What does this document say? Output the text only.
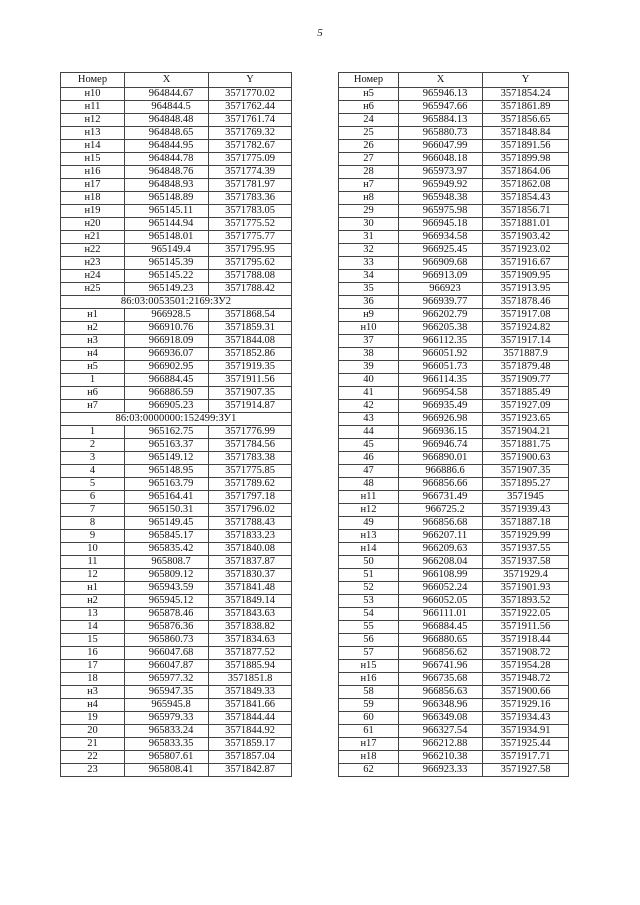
5
Номер	X	Y
н10	964844.67	3571770.02
н11	964844.5	3571762.44
н12	964848.48	3571761.74
н13	964848.65	3571769.32
н14	964844.95	3571782.67
н15	964844.78	3571775.09
н16	964848.76	3571774.39
н17	964848.93	3571781.97
н18	965148.89	3571783.36
н19	965145.11	3571783.05
н20	965144.94	3571775.52
н21	965148.01	3571775.77
н22	965149.4	3571795.95
н23	965145.39	3571795.62
н24	965145.22	3571788.08
н25	965149.23	3571788.42
86:03:0053501:2169:ЗУ2		
н1	966928.5	3571868.54
н2	966910.76	3571859.31
н3	966918.09	3571844.08
н4	966936.07	3571852.86
н5	966902.95	3571919.35
1	966884.45	3571911.56
н6	966886.59	3571907.35
н7	966905.23	3571914.87
86:03:0000000:152499:ЗУ1		
1	965162.75	3571776.99
2	965163.37	3571784.56
3	965149.12	3571783.38
4	965148.95	3571775.85
5	965163.79	3571789.62
6	965164.41	3571797.18
7	965150.31	3571796.02
8	965149.45	3571788.43
9	965845.17	3571833.23
10	965835.42	3571840.08
11	965808.7	3571837.87
12	965809.12	3571830.37
н1	965943.59	3571841.48
н2	965945.12	3571849.14
13	965878.46	3571843.63
14	965876.36	3571838.82
15	965860.73	3571834.63
16	966047.68	3571877.52
17	966047.87	3571885.94
18	965977.32	3571851.8
н3	965947.35	3571849.33
н4	965945.8	3571841.66
19	965979.33	3571844.44
20	965833.24	3571844.92
21	965833.35	3571859.17
22	965807.61	3571857.04
23	965808.41	3571842.87
Номер	X	Y
н5	965946.13	3571854.24
н6	965947.66	3571861.89
24	965884.13	3571856.65
25	965880.73	3571848.84
26	966047.99	3571891.56
27	966048.18	3571899.98
28	965973.97	3571864.06
н7	965949.92	3571862.08
н8	965948.38	3571854.43
29	965975.98	3571856.71
30	966945.18	3571881.01
31	966934.58	3571903.42
32	966925.45	3571923.02
33	966909.68	3571916.67
34	966913.09	3571909.95
35	966923	3571913.95
36	966939.77	3571878.46
н9	966202.79	3571917.08
н10	966205.38	3571924.82
37	966112.35	3571917.14
38	966051.92	3571887.9
39	966051.73	3571879.48
40	966114.35	3571909.77
41	966954.58	3571885.49
42	966935.49	3571927.09
43	966926.98	3571923.65
44	966936.15	3571904.21
45	966946.74	3571881.75
46	966890.01	3571900.63
47	966886.6	3571907.35
48	966856.66	3571895.27
н11	966731.49	3571945
н12	966725.2	3571939.43
49	966856.68	3571887.18
н13	966207.11	3571929.99
н14	966209.63	3571937.55
50	966208.04	3571937.58
51	966108.99	3571929.4
52	966052.24	3571901.93
53	966052.05	3571893.52
54	966111.01	3571922.05
55	966884.45	3571911.56
56	966880.65	3571918.44
57	966856.62	3571908.72
н15	966741.96	3571954.28
н16	966735.68	3571948.72
58	966856.63	3571900.66
59	966348.96	3571929.16
60	966349.08	3571934.43
61	966327.54	3571934.91
н17	966212.88	3571925.44
н18	966210.38	3571917.71
62	966923.33	3571927.58
